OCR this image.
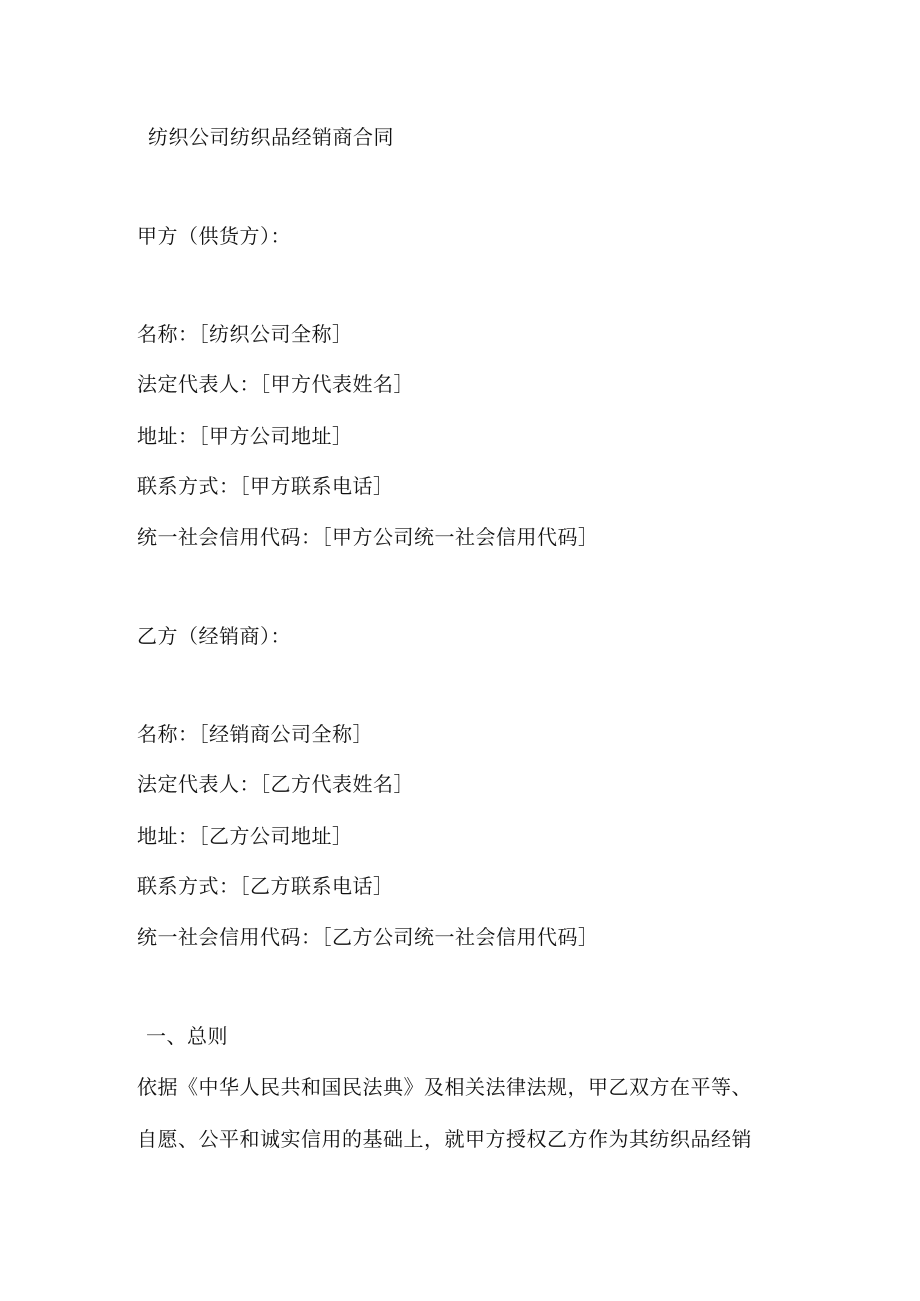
纺织公司纺织品经销商合同
甲方（供货方）：
名称：［纺织公司全称］
法定代表人：［甲方代表姓名］
地址：［甲方公司地址］
联系方式：［甲方联系电话］
统一社会信用代码：［甲方公司统一社会信用代码］
乙方（经销商）：
名称：［经销商公司全称］
法定代表人：［乙方代表姓名］
地址：［乙方公司地址］
联系方式：［乙方联系电话］
统一社会信用代码：［乙方公司统一社会信用代码］
一、总则
依据《中华人民共和国民法典》及相关法律法规，甲乙双方在平等、
自愿、公平和诚实信用的基础上，就甲方授权乙方作为其纺织品经销
